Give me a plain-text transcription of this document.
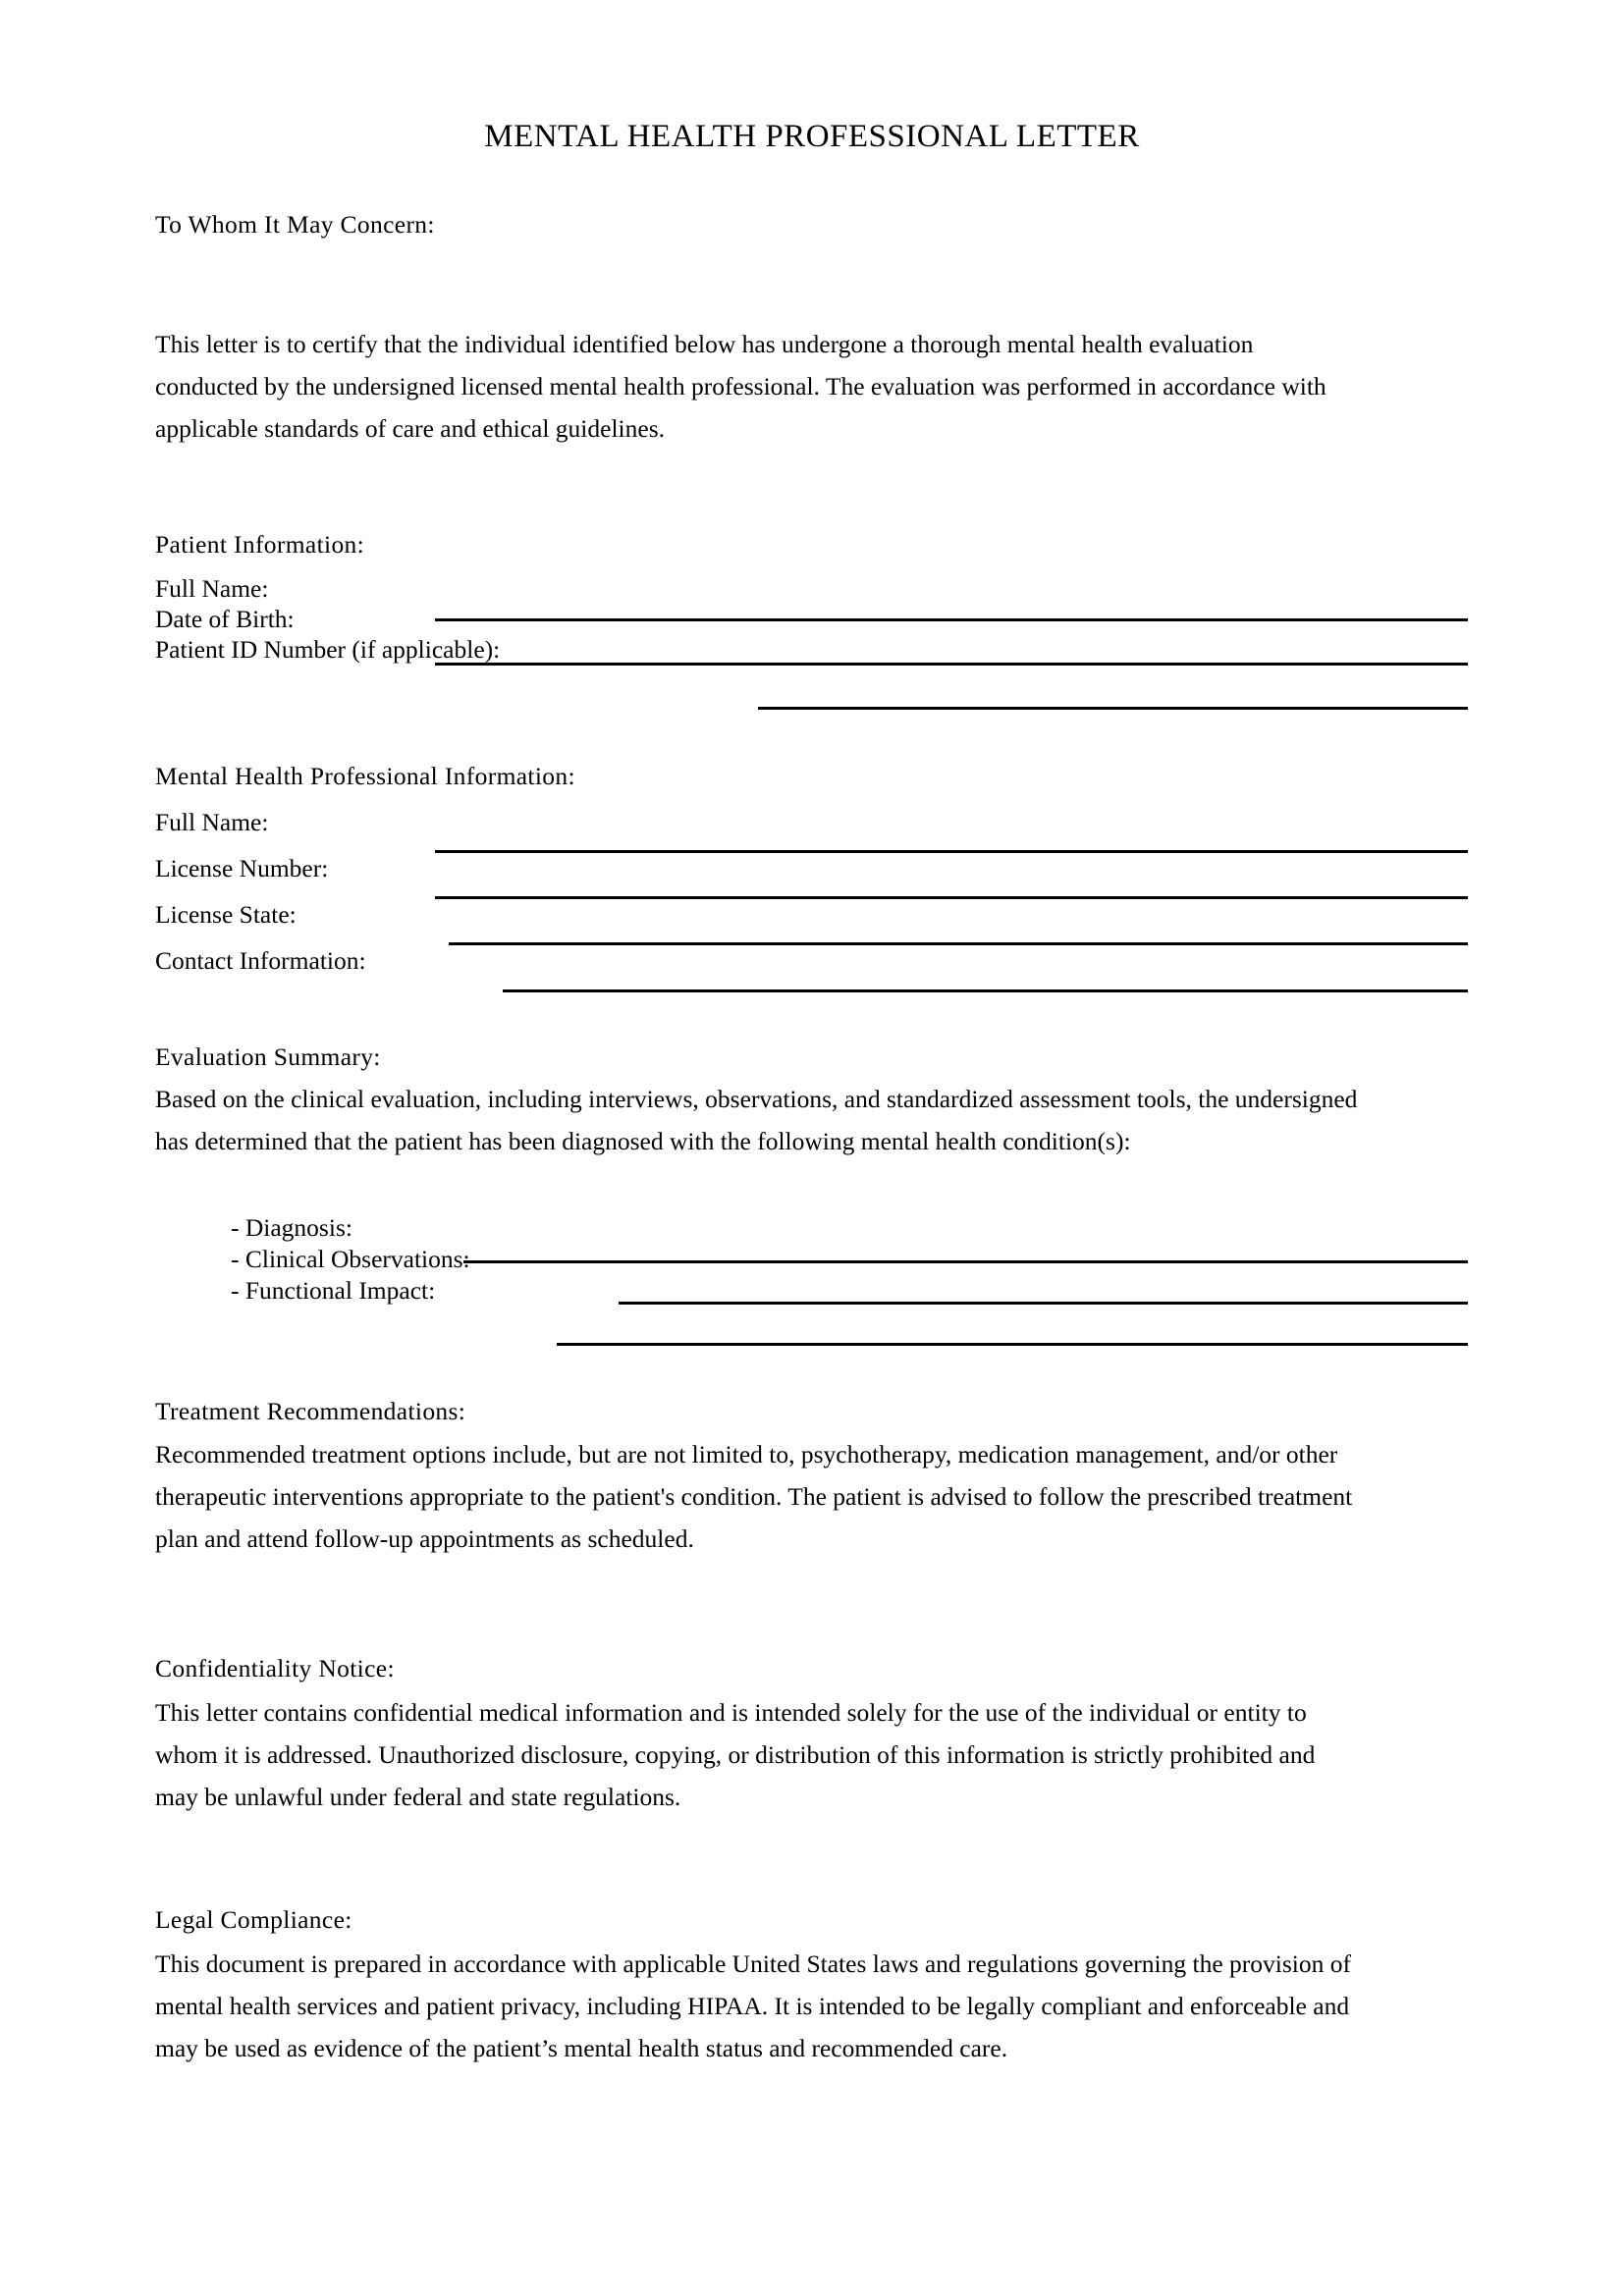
MENTAL HEALTH PROFESSIONAL LETTER
To Whom It May Concern:
This letter is to certify that the individual identified below has undergone a thorough mental health evaluation
conducted by the undersigned licensed mental health professional. The evaluation was performed in accordance with
applicable standards of care and ethical guidelines.
Patient Information:
Full Name:
Date of Birth:
Patient ID Number (if applicable):
Mental Health Professional Information:
Full Name:
License Number:
License State:
Contact Information:
Evaluation Summary:
Based on the clinical evaluation, including interviews, observations, and standardized assessment tools, the undersigned
has determined that the patient has been diagnosed with the following mental health condition(s):
- Diagnosis:
- Clinical Observations:
- Functional Impact:
Treatment Recommendations:
Recommended treatment options include, but are not limited to, psychotherapy, medication management, and/or other
therapeutic interventions appropriate to the patient's condition. The patient is advised to follow the prescribed treatment
plan and attend follow-up appointments as scheduled.
Confidentiality Notice:
This letter contains confidential medical information and is intended solely for the use of the individual or entity to
whom it is addressed. Unauthorized disclosure, copying, or distribution of this information is strictly prohibited and
may be unlawful under federal and state regulations.
Legal Compliance:
This document is prepared in accordance with applicable United States laws and regulations governing the provision of
mental health services and patient privacy, including HIPAA. It is intended to be legally compliant and enforceable and
may be used as evidence of the patient’s mental health status and recommended care.
